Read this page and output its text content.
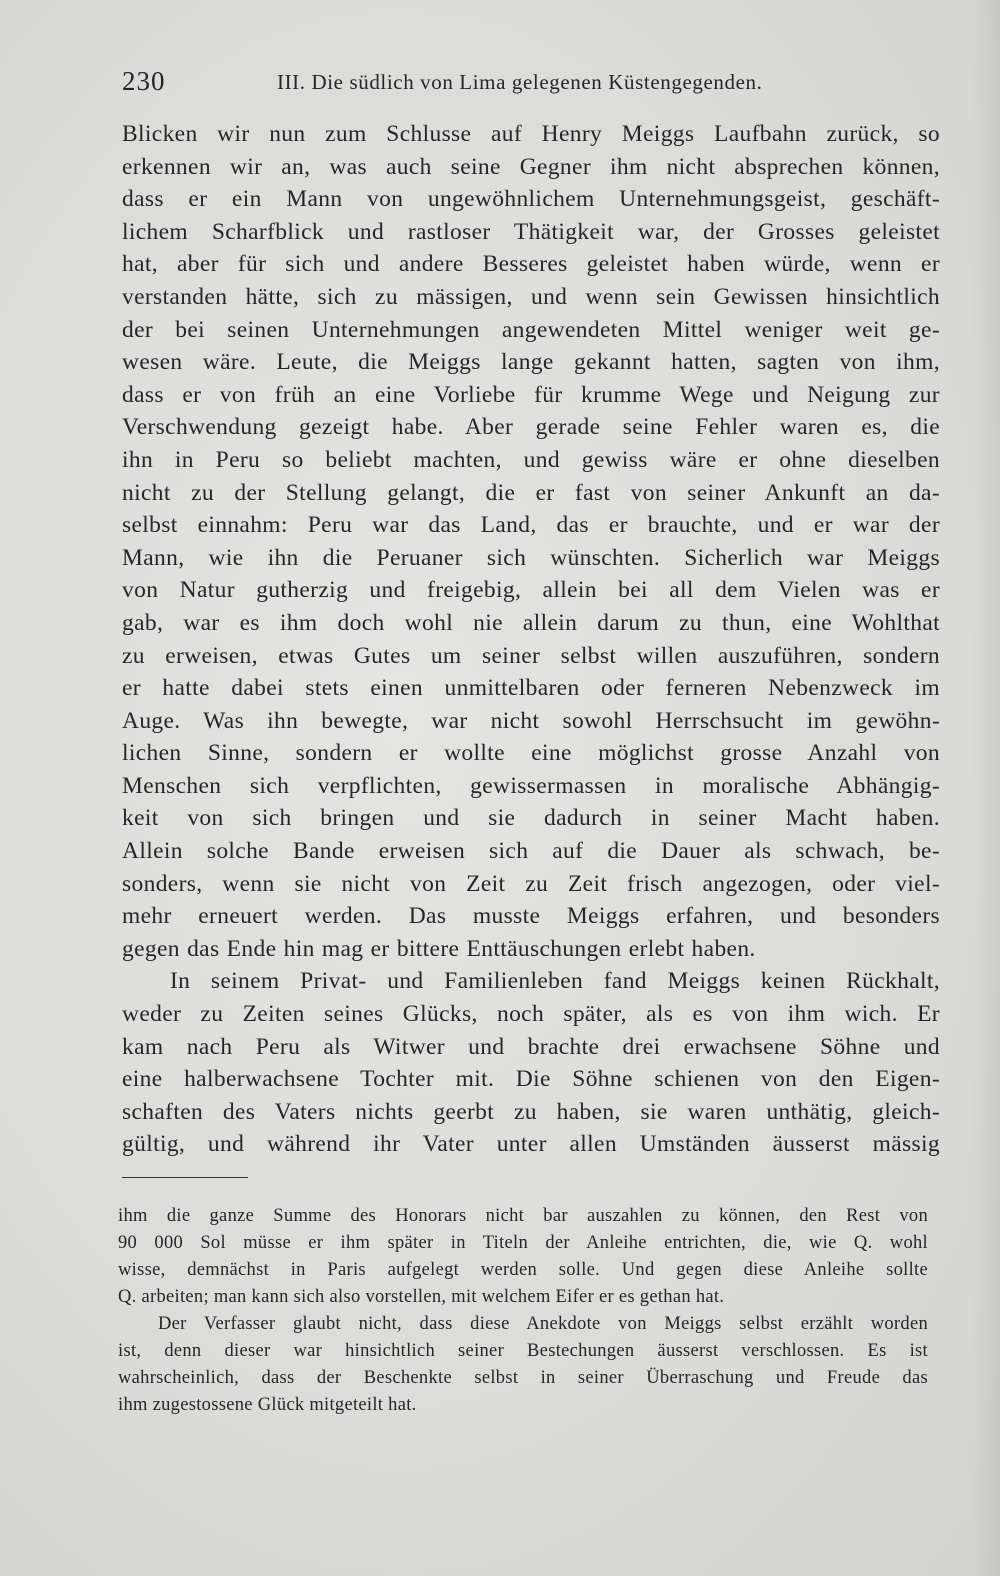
230	III. Die südlich von Lima gelegenen Küstengegenden.
Blicken wir nun zum Schlusse auf Henry Meiggs Laufbahn zurück, so
erkennen wir an, was auch seine Gegner ihm nicht absprechen können,
dass er ein Mann von ungewöhnlichem Unternehmungsgeist, geschäft-
lichem Scharfblick und rastloser Thätigkeit war, der Grosses geleistet
hat, aber für sich und andere Besseres geleistet haben würde, wenn er
verstanden hätte, sich zu mässigen, und wenn sein Gewissen hinsichtlich
der bei seinen Unternehmungen angewendeten Mittel weniger weit ge-
wesen wäre. Leute, die Meiggs lange gekannt hatten, sagten von ihm,
dass er von früh an eine Vorliebe für krumme Wege und Neigung zur
Verschwendung gezeigt habe. Aber gerade seine Fehler waren es, die
ihn in Peru so beliebt machten, und gewiss wäre er ohne dieselben
nicht zu der Stellung gelangt, die er fast von seiner Ankunft an da-
selbst einnahm: Peru war das Land, das er brauchte, und er war der
Mann, wie ihn die Peruaner sich wünschten. Sicherlich war Meiggs
von Natur gutherzig und freigebig, allein bei all dem Vielen was er
gab, war es ihm doch wohl nie allein darum zu thun, eine Wohlthat
zu erweisen, etwas Gutes um seiner selbst willen auszuführen, sondern
er hatte dabei stets einen unmittelbaren oder ferneren Nebenzweck im
Auge. Was ihn bewegte, war nicht sowohl Herrschsucht im gewöhn-
lichen Sinne, sondern er wollte eine möglichst grosse Anzahl von
Menschen sich verpflichten, gewissermassen in moralische Abhängig-
keit von sich bringen und sie dadurch in seiner Macht haben.
Allein solche Bande erweisen sich auf die Dauer als schwach, be-
sonders, wenn sie nicht von Zeit zu Zeit frisch angezogen, oder viel-
mehr erneuert werden. Das musste Meiggs erfahren, und besonders
gegen das Ende hin mag er bittere Enttäuschungen erlebt haben.
In seinem Privat- und Familienleben fand Meiggs keinen Rückhalt,
weder zu Zeiten seines Glücks, noch später, als es von ihm wich. Er
kam nach Peru als Witwer und brachte drei erwachsene Söhne und
eine halberwachsene Tochter mit. Die Söhne schienen von den Eigen-
schaften des Vaters nichts geerbt zu haben, sie waren unthätig, gleich-
gültig, und während ihr Vater unter allen Umständen äusserst mässig
ihm die ganze Summe des Honorars nicht bar auszahlen zu können, den Rest von
90 000 Sol müsse er ihm später in Titeln der Anleihe entrichten, die, wie Q. wohl
wisse, demnächst in Paris aufgelegt werden solle. Und gegen diese Anleihe sollte
Q. arbeiten; man kann sich also vorstellen, mit welchem Eifer er es gethan hat.
Der Verfasser glaubt nicht, dass diese Anekdote von Meiggs selbst erzählt worden
ist, denn dieser war hinsichtlich seiner Bestechungen äusserst verschlossen. Es ist
wahrscheinlich, dass der Beschenkte selbst in seiner Überraschung und Freude das
ihm zugestossene Glück mitgeteilt hat.
